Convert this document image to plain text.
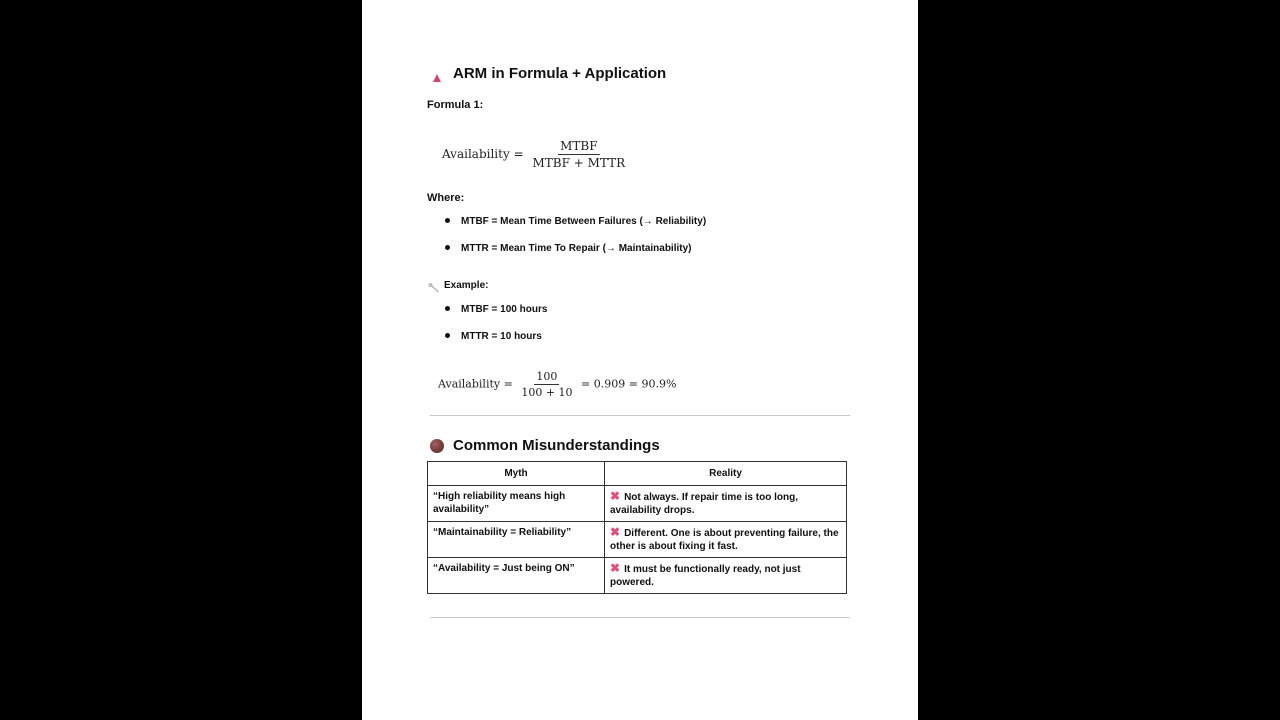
ARM in Formula + Application
Formula 1:
Availability = $\frac{\text{MTBF}}{\text{MTBF + MTTR}}$
Where:
MTBF = Mean Time Between Failures (→ Reliability)
MTTR = Mean Time To Repair (→ Maintainability)
Example:
MTBF = 100 hours
MTTR = 10 hours
Availability = $\frac{100}{100 + 10} = 0.909 = 90.9\%$
Common Misunderstandings
Myth	Reality
“High reliability means high availability”	✖ Not always. If repair time is too long, availability drops.
“Maintainability = Reliability”	✖ Different. One is about preventing failure, the other is about fixing it fast.
“Availability = Just being ON”	✖ It must be functionally ready, not just powered.
